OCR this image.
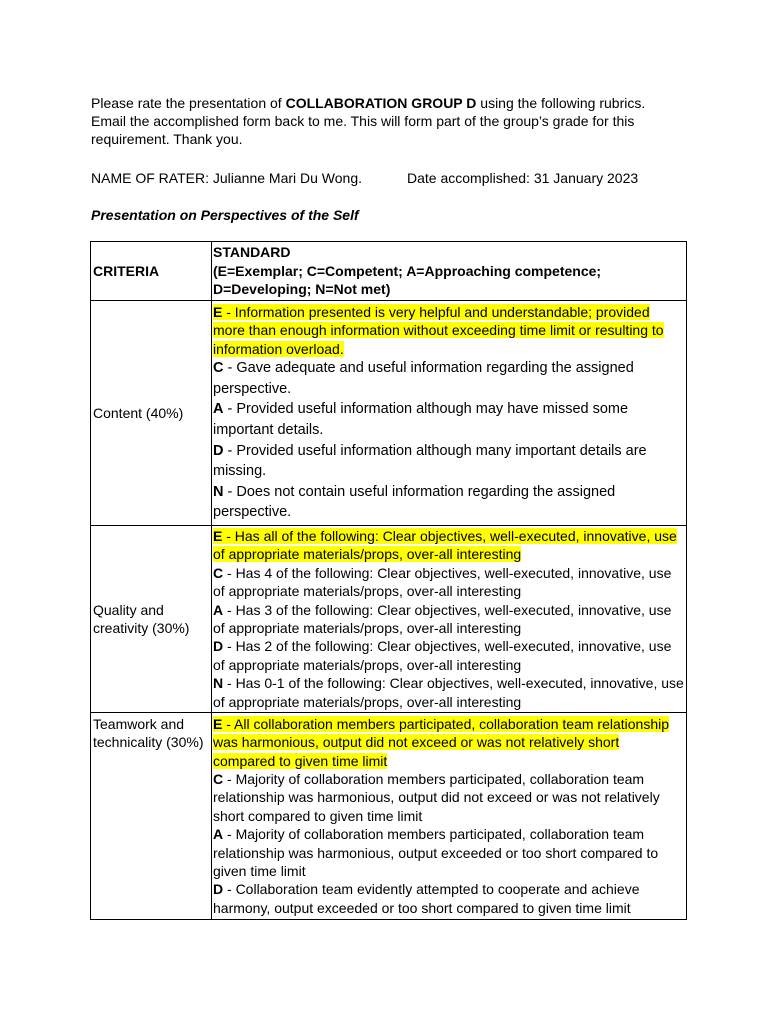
Please rate the presentation of COLLABORATION GROUP D using the following rubrics. Email the accomplished form back to me. This will form part of the group’s grade for this requirement. Thank you.
NAME OF RATER: Julianne Mari Du Wong.	Date accomplished: 31 January 2023
Presentation on Perspectives of the Self
CRITERIA	STANDARD
(E=Exemplar; C=Competent; A=Approaching competence; D=Developing; N=Not met)
Content (40%)	E - Information presented is very helpful and understandable; provided more than enough information without exceeding time limit or resulting to information overload.
C - Gave adequate and useful information regarding the assigned perspective.
A - Provided useful information although may have missed some important details.
D - Provided useful information although many important details are missing.
N - Does not contain useful information regarding the assigned perspective.

Quality and creativity (30%)	E - Has all of the following: Clear objectives, well-executed, innovative, use of appropriate materials/props, over-all interesting
C - Has 4 of the following: Clear objectives, well-executed, innovative, use of appropriate materials/props, over-all interesting
A - Has 3 of the following: Clear objectives, well-executed, innovative, use of appropriate materials/props, over-all interesting
D - Has 2 of the following: Clear objectives, well-executed, innovative, use of appropriate materials/props, over-all interesting
N - Has 0-1 of the following: Clear objectives, well-executed, innovative, use of appropriate materials/props, over-all interesting

Teamwork and technicality (30%)	E - All collaboration members participated, collaboration team relationship was harmonious, output did not exceed or was not relatively short compared to given time limit
C - Majority of collaboration members participated, collaboration team relationship was harmonious, output did not exceed or was not relatively short compared to given time limit
A - Majority of collaboration members participated, collaboration team relationship was harmonious, output exceeded or too short compared to given time limit
D - Collaboration team evidently attempted to cooperate and achieve harmony, output exceeded or too short compared to given time limit
